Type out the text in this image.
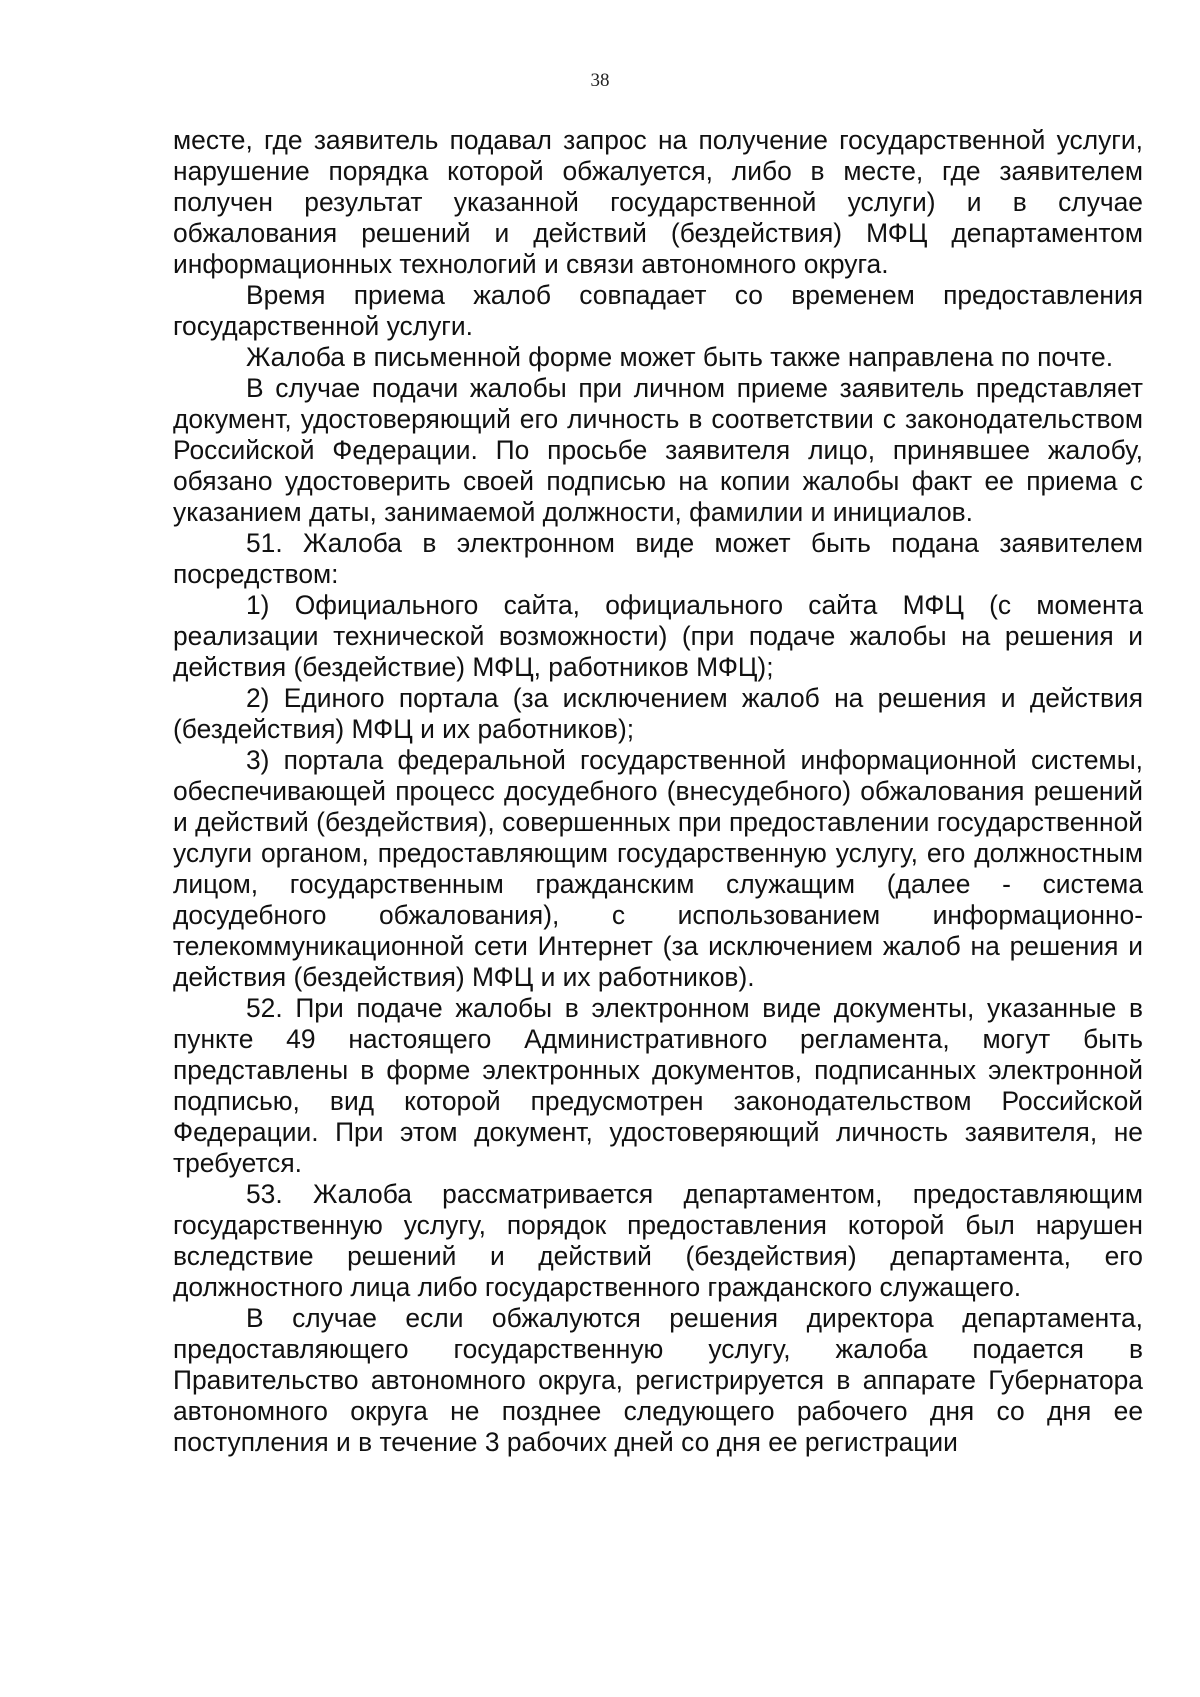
38

месте, где заявитель подавал запрос на получение государственной услуги, нарушение порядка которой обжалуется, либо в месте, где заявителем получен результат указанной государственной услуги) и в случае обжалования решений и действий (бездействия) МФЦ департаментом информационных технологий и связи автономного округа.

Время приема жалоб совпадает со временем предоставления государственной услуги.

Жалоба в письменной форме может быть также направлена по почте.

В случае подачи жалобы при личном приеме заявитель представляет документ, удостоверяющий его личность в соответствии с законодательством Российской Федерации. По просьбе заявителя лицо, принявшее жалобу, обязано удостоверить своей подписью на копии жалобы факт ее приема с указанием даты, занимаемой должности, фамилии и инициалов.

51. Жалоба в электронном виде может быть подана заявителем посредством:

1) Официального сайта, официального сайта МФЦ (с момента реализации технической возможности) (при подаче жалобы на решения и действия (бездействие) МФЦ, работников МФЦ);

2) Единого портала (за исключением жалоб на решения и действия (бездействия) МФЦ и их работников);

3) портала федеральной государственной информационной системы, обеспечивающей процесс досудебного (внесудебного) обжалования решений и действий (бездействия), совершенных при предоставлении государственной услуги органом, предоставляющим государственную услугу, его должностным лицом, государственным гражданским служащим (далее - система досудебного обжалования), с использованием информационно-телекоммуникационной сети Интернет (за исключением жалоб на решения и действия (бездействия) МФЦ и их работников).

52. При подаче жалобы в электронном виде документы, указанные в пункте 49 настоящего Административного регламента, могут быть представлены в форме электронных документов, подписанных электронной подписью, вид которой предусмотрен законодательством Российской Федерации. При этом документ, удостоверяющий личность заявителя, не требуется.

53. Жалоба рассматривается департаментом, предоставляющим государственную услугу, порядок предоставления которой был нарушен вследствие решений и действий (бездействия) департамента, его должностного лица либо государственного гражданского служащего.

В случае если обжалуются решения директора департамента, предоставляющего государственную услугу, жалоба подается в Правительство автономного округа, регистрируется в аппарате Губернатора автономного округа не позднее следующего рабочего дня со дня ее поступления и в течение 3 рабочих дней со дня ее регистрации
